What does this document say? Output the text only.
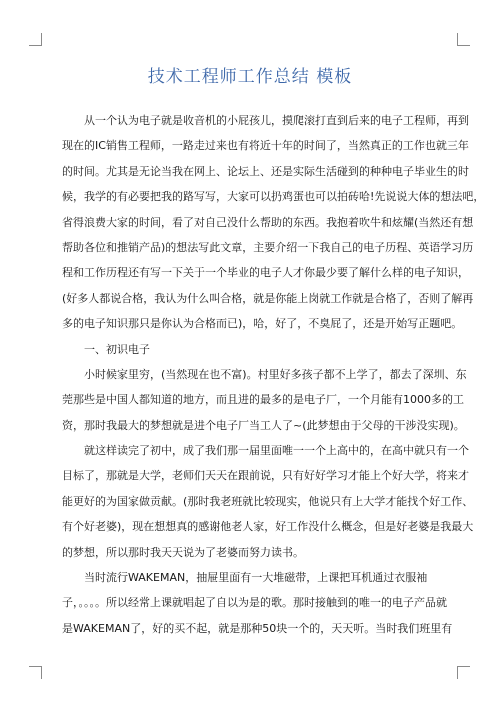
技术工程师工作总结 模板
　　从一个认为电子就是收音机的小屁孩儿，摸爬滚打直到后来的电子工程师，再到
现在的IC销售工程师，一路走过来也有将近十年的时间了，当然真正的工作也就三年
的时间。尤其是无论当我在网上、论坛上、还是实际生活碰到的种种电子毕业生的时
候，我学的有必要把我的路写写，大家可以扔鸡蛋也可以拍砖哈!先说说大体的想法吧，
省得浪费大家的时间，看了对自己没什么帮助的东西。我抱着吹牛和炫耀(当然还有想
帮助各位和推销产品)的想法写此文章，主要介绍一下我自己的电子历程、英语学习历
程和工作历程还有写一下关于一个毕业的电子人才你最少要了解什么样的电子知识，
(好多人都说合格，我认为什么叫合格，就是你能上岗就工作就是合格了，否则了解再
多的电子知识那只是你认为合格而已)，哈，好了，不臭屁了，还是开始写正题吧。
　　一、初识电子
　　小时候家里穷，(当然现在也不富)。村里好多孩子都不上学了，都去了深圳、东
莞那些是中国人都知道的地方，而且进的最多的是电子厂，一个月能有1000多的工
资，那时我最大的梦想就是进个电子厂当工人了~(此梦想由于父母的干涉没实现)。
　　就这样读完了初中，成了我们那一届里面唯一一个上高中的，在高中就只有一个
目标了，那就是大学，老师们天天在跟前说，只有好好学习才能上个好大学，将来才
能更好的为国家做贡献。(那时我老班就比较现实，他说只有上大学才能找个好工作、
有个好老婆)，现在想想真的感谢他老人家，好工作没什么概念，但是好老婆是我最大
的梦想，所以那时我天天说为了老婆而努力读书。
　　当时流行WAKEMAN，抽屉里面有一大堆磁带，上课把耳机通过衣服袖
子，。。。。所以经常上课就唱起了自以为是的歌。那时接触到的唯一的电子产品就
是WAKEMAN了，好的买不起，就是那种50块一个的，天天听。当时我们班里有
